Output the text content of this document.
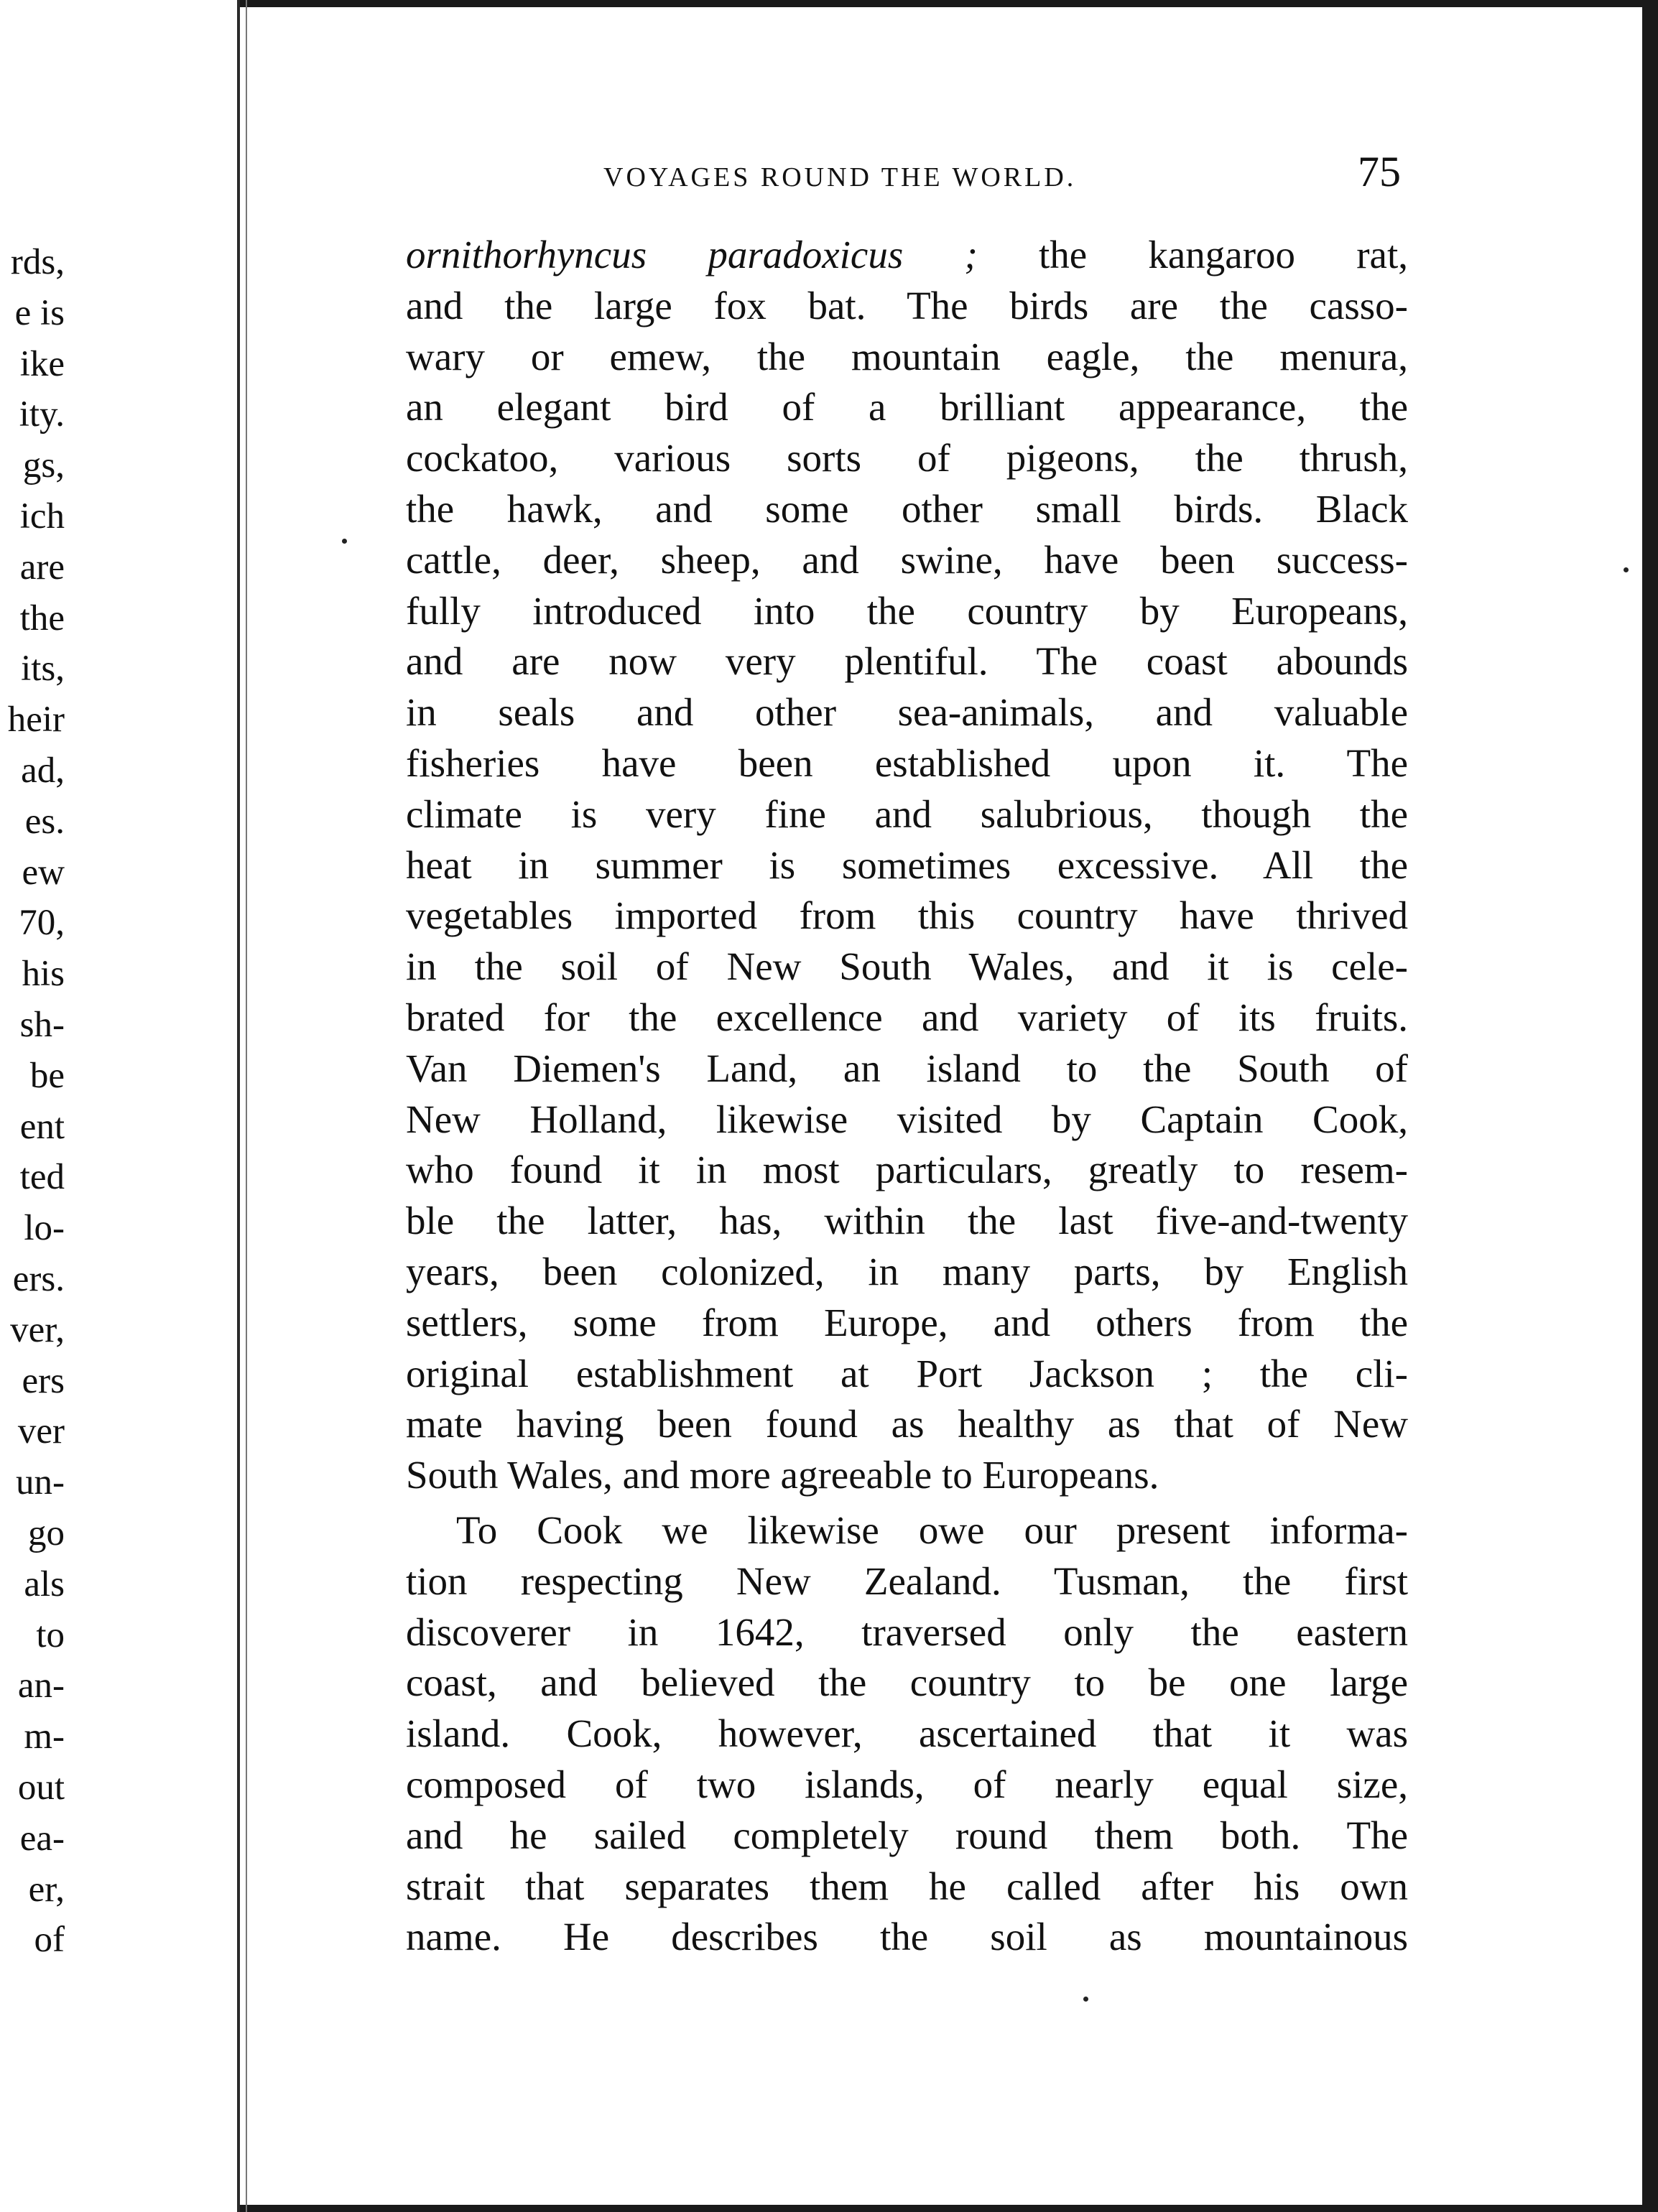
rds,
e is
ike
ity.
gs,
ich
are
the
its,
heir
ad,
es.
ew
70,
his
sh-
be
ent
ted
lo-
ers.
ver,
ers
ver
un-
go
als
to
an-
m-
out
ea-
er,
of
VOYAGES ROUND THE WORLD.	75
ornithorhyncus paradoxicus ; the kangaroo rat,
and the large fox bat. The birds are the casso-
wary or emew, the mountain eagle, the menura,
an elegant bird of a brilliant appearance, the
cockatoo, various sorts of pigeons, the thrush,
the hawk, and some other small birds. Black
cattle, deer, sheep, and swine, have been success-
fully introduced into the country by Europeans,
and are now very plentiful. The coast abounds
in seals and other sea-animals, and valuable
fisheries have been established upon it. The
climate is very fine and salubrious, though the
heat in summer is sometimes excessive. All the
vegetables imported from this country have thrived
in the soil of New South Wales, and it is cele-
brated for the excellence and variety of its fruits.
Van Diemen's Land, an island to the South of
New Holland, likewise visited by Captain Cook,
who found it in most particulars, greatly to resem-
ble the latter, has, within the last five-and-twenty
years, been colonized, in many parts, by English
settlers, some from Europe, and others from the
original establishment at Port Jackson ; the cli-
mate having been found as healthy as that of New
South Wales, and more agreeable to Europeans.
To Cook we likewise owe our present informa-
tion respecting New Zealand. Tusman, the first
discoverer in 1642, traversed only the eastern
coast, and believed the country to be one large
island. Cook, however, ascertained that it was
composed of two islands, of nearly equal size,
and he sailed completely round them both. The
strait that separates them he called after his own
name. He describes the soil as mountainous
